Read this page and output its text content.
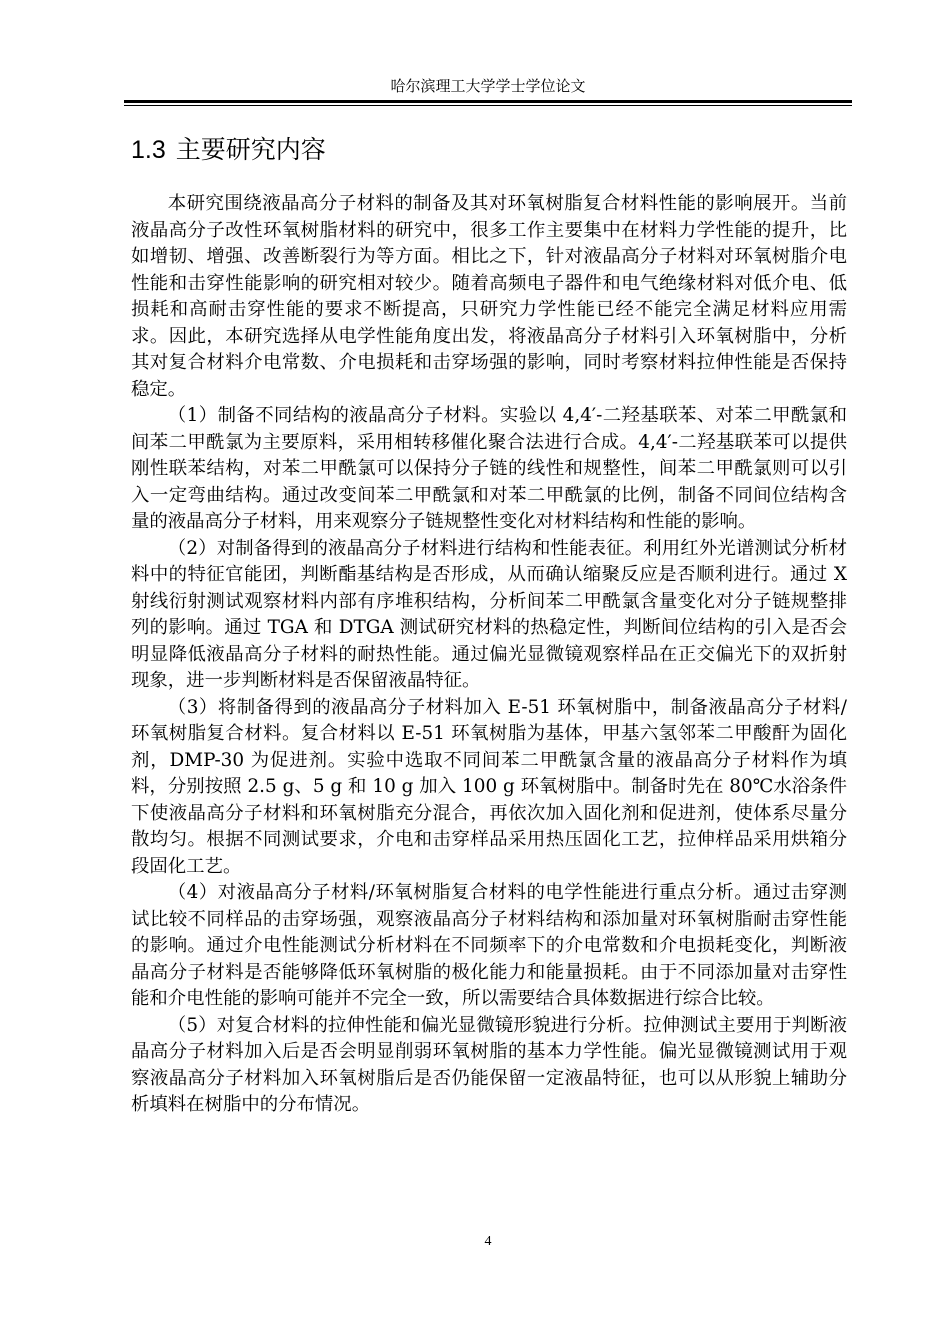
哈尔滨理工大学学士学位论文
1.3 主要研究内容

本研究围绕液晶高分子材料的制备及其对环氧树脂复合材料性能的影响展开。当前液晶高分子改性环氧树脂材料的研究中，很多工作主要集中在材料力学性能的提升，比如增韧、增强、改善断裂行为等方面。相比之下，针对液晶高分子材料对环氧树脂介电性能和击穿性能影响的研究相对较少。随着高频电子器件和电气绝缘材料对低介电、低损耗和高耐击穿性能的要求不断提高，只研究力学性能已经不能完全满足材料应用需求。因此，本研究选择从电学性能角度出发，将液晶高分子材料引入环氧树脂中，分析其对复合材料介电常数、介电损耗和击穿场强的影响，同时考察材料拉伸性能是否保持稳定。

（1）制备不同结构的液晶高分子材料。实验以 4,4′-二羟基联苯、对苯二甲酰氯和间苯二甲酰氯为主要原料，采用相转移催化聚合法进行合成。4,4′-二羟基联苯可以提供刚性联苯结构，对苯二甲酰氯可以保持分子链的线性和规整性，间苯二甲酰氯则可以引入一定弯曲结构。通过改变间苯二甲酰氯和对苯二甲酰氯的比例，制备不同间位结构含量的液晶高分子材料，用来观察分子链规整性变化对材料结构和性能的影响。

（2）对制备得到的液晶高分子材料进行结构和性能表征。利用红外光谱测试分析材料中的特征官能团，判断酯基结构是否形成，从而确认缩聚反应是否顺利进行。通过 X 射线衍射测试观察材料内部有序堆积结构，分析间苯二甲酰氯含量变化对分子链规整排列的影响。通过 TGA 和 DTGA 测试研究材料的热稳定性，判断间位结构的引入是否会明显降低液晶高分子材料的耐热性能。通过偏光显微镜观察样品在正交偏光下的双折射现象，进一步判断材料是否保留液晶特征。

（3）将制备得到的液晶高分子材料加入 E-51 环氧树脂中，制备液晶高分子材料/环氧树脂复合材料。复合材料以 E-51 环氧树脂为基体，甲基六氢邻苯二甲酸酐为固化剂，DMP-30 为促进剂。实验中选取不同间苯二甲酰氯含量的液晶高分子材料作为填料，分别按照 2.5 g、5 g 和 10 g 加入 100 g 环氧树脂中。制备时先在 80℃水浴条件下使液晶高分子材料和环氧树脂充分混合，再依次加入固化剂和促进剂，使体系尽量分散均匀。根据不同测试要求，介电和击穿样品采用热压固化工艺，拉伸样品采用烘箱分段固化工艺。

（4）对液晶高分子材料/环氧树脂复合材料的电学性能进行重点分析。通过击穿测试比较不同样品的击穿场强，观察液晶高分子材料结构和添加量对环氧树脂耐击穿性能的影响。通过介电性能测试分析材料在不同频率下的介电常数和介电损耗变化，判断液晶高分子材料是否能够降低环氧树脂的极化能力和能量损耗。由于不同添加量对击穿性能和介电性能的影响可能并不完全一致，所以需要结合具体数据进行综合比较。

（5）对复合材料的拉伸性能和偏光显微镜形貌进行分析。拉伸测试主要用于判断液晶高分子材料加入后是否会明显削弱环氧树脂的基本力学性能。偏光显微镜测试用于观察液晶高分子材料加入环氧树脂后是否仍能保留一定液晶特征，也可以从形貌上辅助分析填料在树脂中的分布情况。

4
